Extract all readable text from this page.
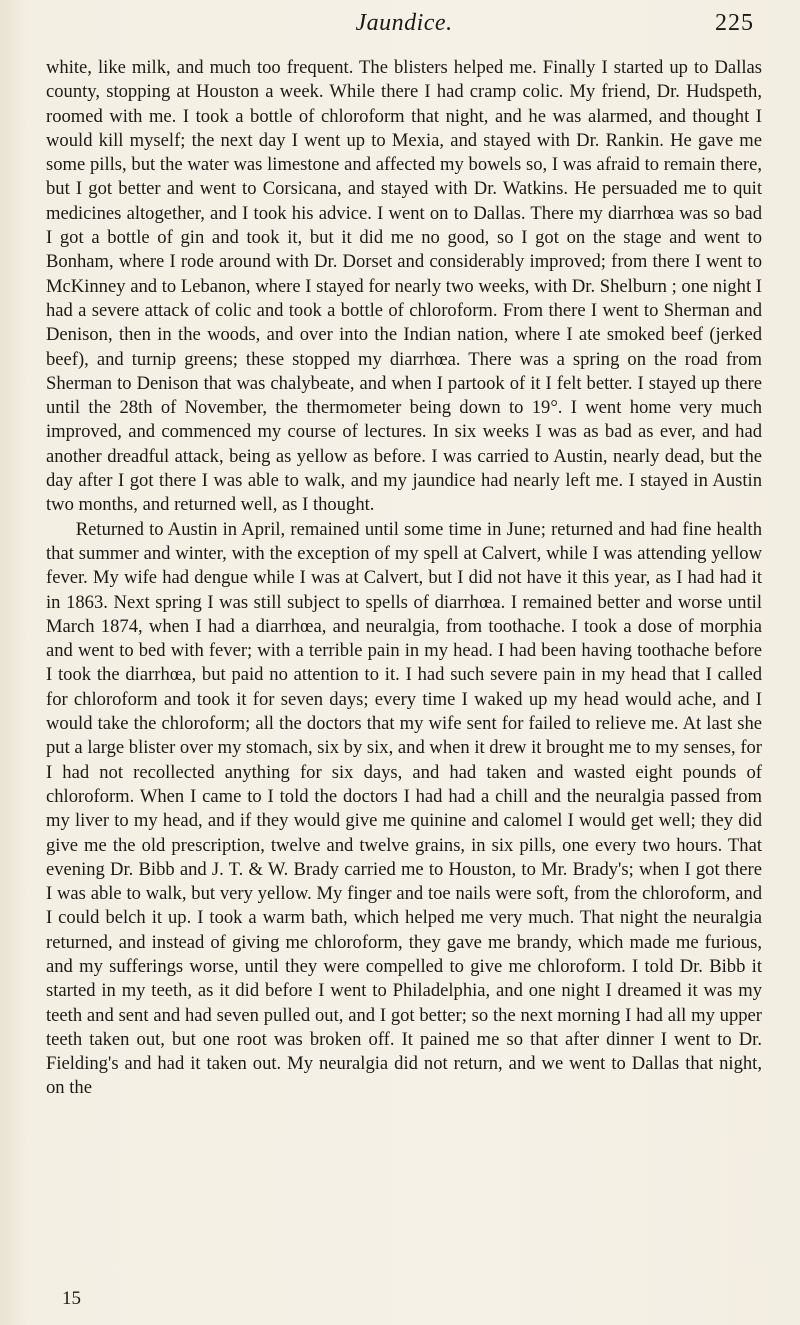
Jaundice.	225

white, like milk, and much too frequent. The blisters helped me. Finally I started up to Dallas county, stopping at Houston a week. While there I had cramp colic. My friend, Dr. Hudspeth, roomed with me. I took a bottle of chloroform that night, and he was alarmed, and thought I would kill myself; the next day I went up to Mexia, and stayed with Dr. Rankin. He gave me some pills, but the water was limestone and affected my bowels so, I was afraid to remain there, but I got better and went to Corsicana, and stayed with Dr. Watkins. He persuaded me to quit medicines altogether, and I took his advice. I went on to Dallas. There my diarrhœa was so bad I got a bottle of gin and took it, but it did me no good, so I got on the stage and went to Bonham, where I rode around with Dr. Dorset and considerably improved; from there I went to McKinney and to Lebanon, where I stayed for nearly two weeks, with Dr. Shelburn ; one night I had a severe attack of colic and took a bottle of chloroform. From there I went to Sherman and Denison, then in the woods, and over into the Indian nation, where I ate smoked beef (jerked beef), and turnip greens; these stopped my diarrhœa. There was a spring on the road from Sherman to Denison that was chalybeate, and when I partook of it I felt better. I stayed up there until the 28th of November, the thermometer being down to 19°. I went home very much improved, and commenced my course of lectures. In six weeks I was as bad as ever, and had another dreadful attack, being as yellow as before. I was carried to Austin, nearly dead, but the day after I got there I was able to walk, and my jaundice had nearly left me. I stayed in Austin two months, and returned well, as I thought.

Returned to Austin in April, remained until some time in June; returned and had fine health that summer and winter, with the exception of my spell at Calvert, while I was attending yellow fever. My wife had dengue while I was at Calvert, but I did not have it this year, as I had had it in 1863. Next spring I was still subject to spells of diarrhœa. I remained better and worse until March 1874, when I had a diarrhœa, and neuralgia, from toothache. I took a dose of morphia and went to bed with fever; with a terrible pain in my head. I had been having toothache before I took the diarrhœa, but paid no attention to it. I had such severe pain in my head that I called for chloroform and took it for seven days; every time I waked up my head would ache, and I would take the chloroform; all the doctors that my wife sent for failed to relieve me. At last she put a large blister over my stomach, six by six, and when it drew it brought me to my senses, for I had not recollected anything for six days, and had taken and wasted eight pounds of chloroform. When I came to I told the doctors I had had a chill and the neuralgia passed from my liver to my head, and if they would give me quinine and calomel I would get well; they did give me the old prescription, twelve and twelve grains, in six pills, one every two hours. That evening Dr. Bibb and J. T. & W. Brady carried me to Houston, to Mr. Brady's; when I got there I was able to walk, but very yellow. My finger and toe nails were soft, from the chloroform, and I could belch it up. I took a warm bath, which helped me very much. That night the neuralgia returned, and instead of giving me chloroform, they gave me brandy, which made me furious, and my sufferings worse, until they were compelled to give me chloroform. I told Dr. Bibb it started in my teeth, as it did before I went to Philadelphia, and one night I dreamed it was my teeth and sent and had seven pulled out, and I got better; so the next morning I had all my upper teeth taken out, but one root was broken off. It pained me so that after dinner I went to Dr. Fielding's and had it taken out. My neuralgia did not return, and we went to Dallas that night, on the

15
